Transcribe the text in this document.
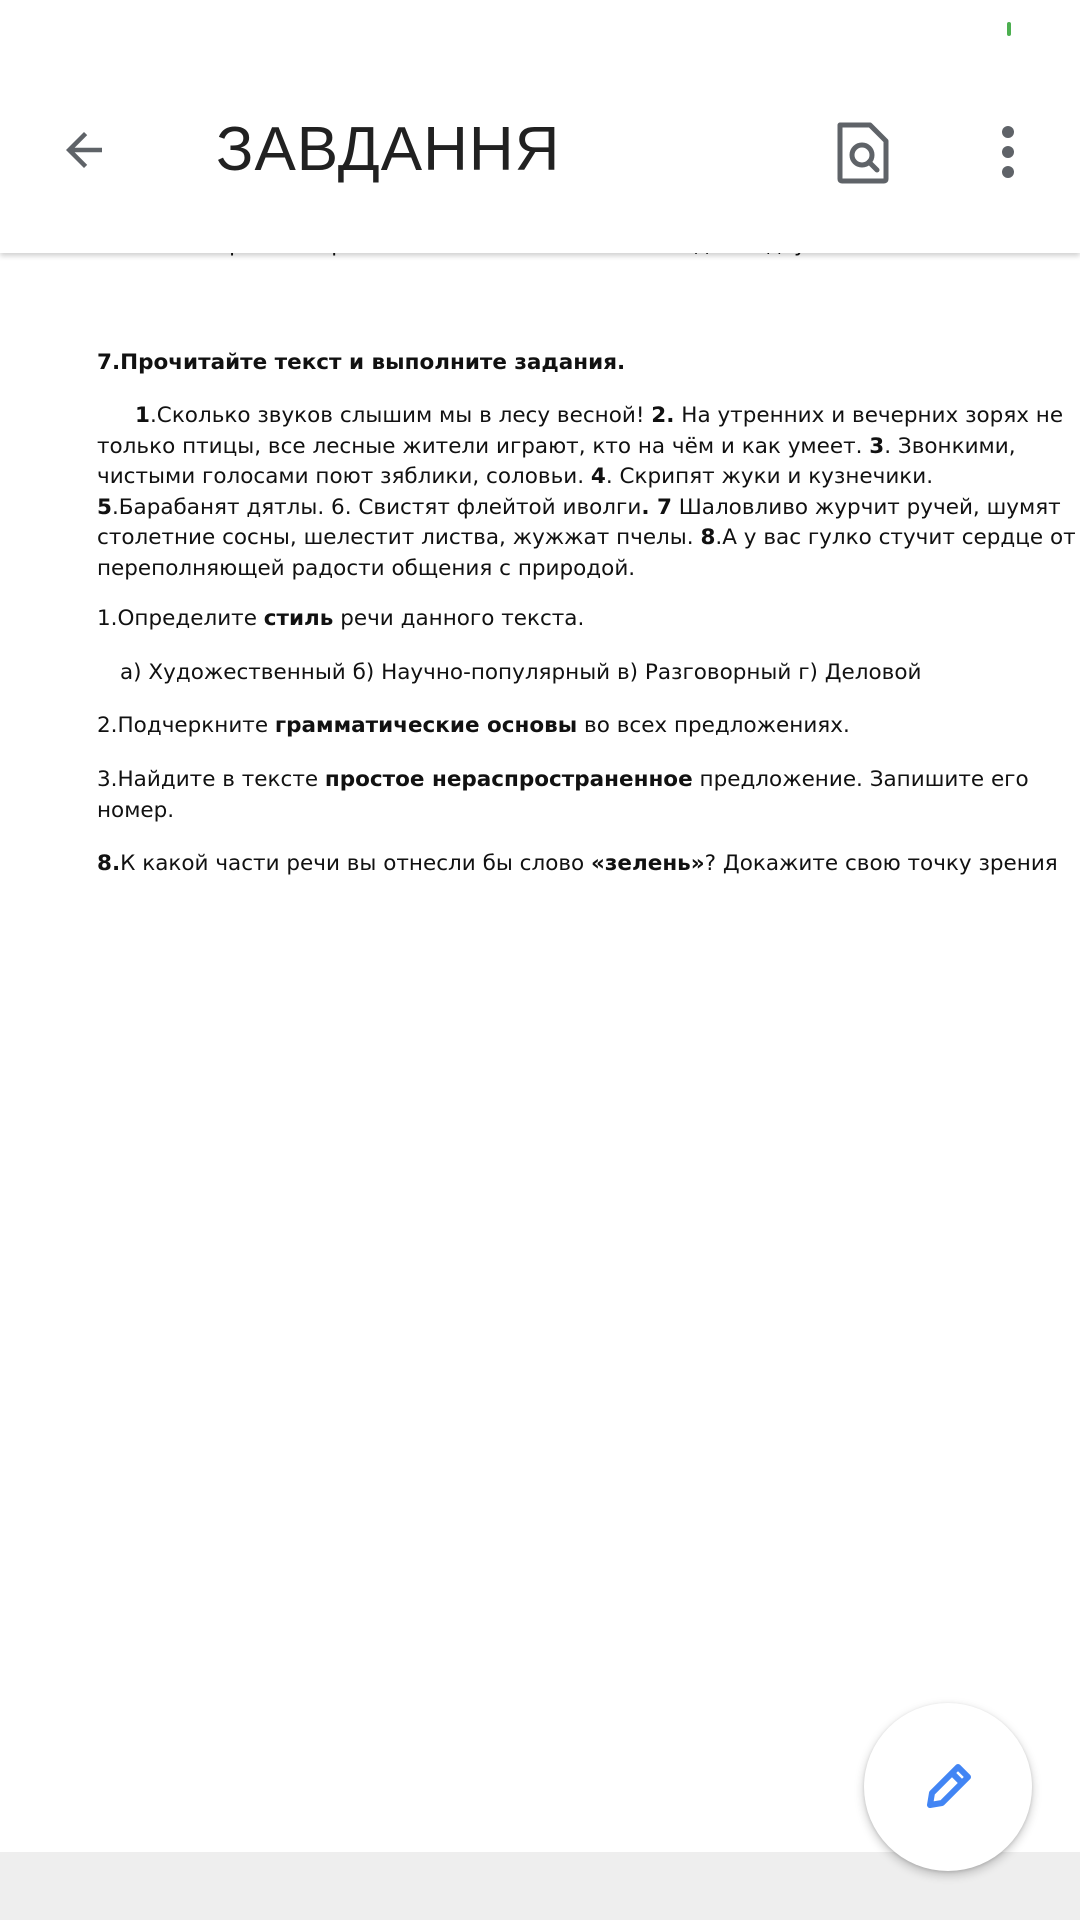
ЗАВДАННЯ
7.Прочитайте текст и выполните задания.
1.Сколько звуков слышим мы в лесу весной! 2. На утренних и вечерних зорях не
только птицы, все лесные жители играют, кто на чём и как умеет. 3. Звонкими,
чистыми голосами поют зяблики, соловьи. 4. Скрипят жуки и кузнечики.
5.Барабанят дятлы. 6. Свистят флейтой иволги. 7 Шаловливо журчит ручей, шумят
столетние сосны, шелестит листва, жужжат пчелы. 8.А у вас гулко стучит сердце от
переполняющей радости общения с природой.
1.Определите стиль речи данного текста.
а) Художественный б) Научно-популярный в) Разговорный г) Деловой
2.Подчеркните грамматические основы во всех предложениях.
3.Найдите в тексте простое нераспространенное предложение. Запишите его
номер.
8.К какой части речи вы отнесли бы слово «зелень»? Докажите свою точку зрения
